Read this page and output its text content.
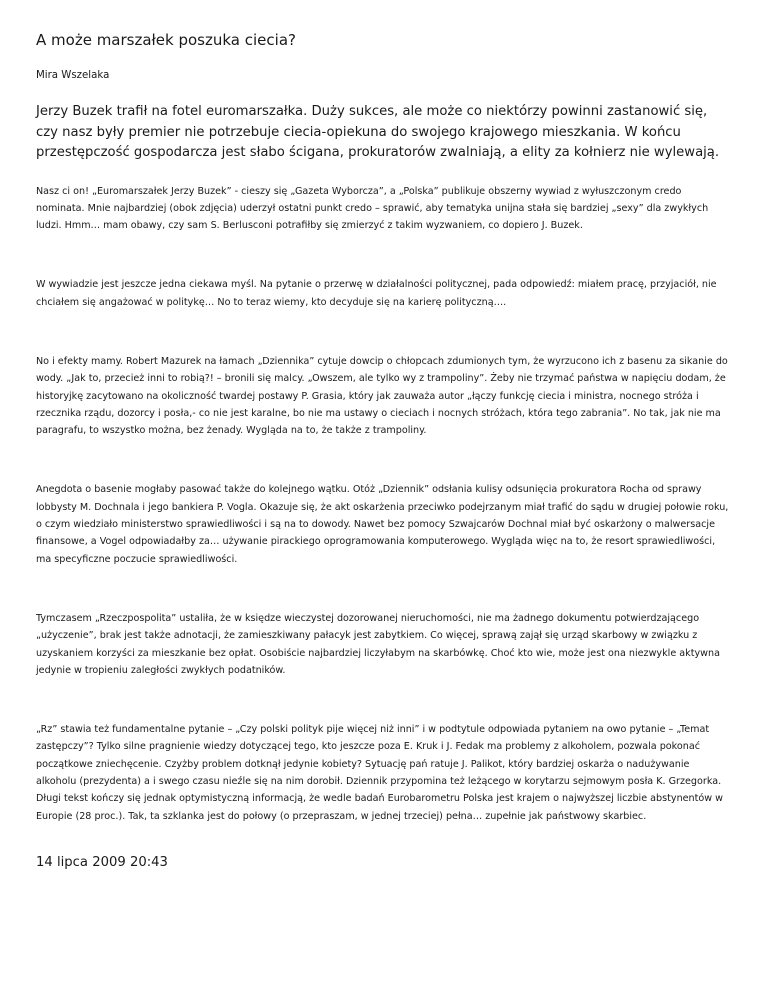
A może marszałek poszuka ciecia?
Mira Wszelaka

Jerzy Buzek trafił na fotel euromarszałka. Duży sukces, ale może co niektórzy powinni zastanowić się, czy nasz były premier nie potrzebuje ciecia-opiekuna do swojego krajowego mieszkania. W końcu przestępczość gospodarcza jest słabo ścigana, prokuratorów zwalniają, a elity za kołnierz nie wylewają.

Nasz ci on! „Euromarszałek Jerzy Buzek” - cieszy się „Gazeta Wyborcza”, a „Polska” publikuje obszerny wywiad z wyłuszczonym credo nominata. Mnie najbardziej (obok zdjęcia) uderzył ostatni punkt credo – sprawić, aby tematyka unijna stała się bardziej „sexy” dla zwykłych ludzi. Hmm… mam obawy, czy sam S. Berlusconi potrafiłby się zmierzyć z takim wyzwaniem, co dopiero J. Buzek.

W wywiadzie jest jeszcze jedna ciekawa myśl. Na pytanie o przerwę w działalności politycznej, pada odpowiedź: miałem pracę, przyjaciół, nie chciałem się angażować w politykę… No to teraz wiemy, kto decyduje się na karierę polityczną….

No i efekty mamy. Robert Mazurek na łamach „Dziennika” cytuje dowcip o chłopcach zdumionych tym, że wyrzucono ich z basenu za sikanie do wody. „Jak to, przecież inni to robią?! – bronili się malcy. „Owszem, ale tylko wy z trampoliny”. Żeby nie trzymać państwa w napięciu dodam, że historyjkę zacytowano na okoliczność twardej postawy P. Grasia, który jak zauważa autor „łączy funkcję ciecia i ministra, nocnego stróża i rzecznika rządu, dozorcy i posła,- co nie jest karalne, bo nie ma ustawy o cieciach i nocnych stróżach, która tego zabrania”. No tak, jak nie ma paragrafu, to wszystko można, bez żenady. Wygląda na to, że także z trampoliny.

Anegdota o basenie mogłaby pasować także do kolejnego wątku. Otóż „Dziennik” odsłania kulisy odsunięcia prokuratora Rocha od sprawy lobbysty M. Dochnala i jego bankiera P. Vogla. Okazuje się, że akt oskarżenia przeciwko podejrzanym miał trafić do sądu w drugiej połowie roku, o czym wiedziało ministerstwo sprawiedliwości i są na to dowody. Nawet bez pomocy Szwajcarów Dochnal miał być oskarżony o malwersacje finansowe, a Vogel odpowiadałby za… używanie pirackiego oprogramowania komputerowego. Wygląda więc na to, że resort sprawiedliwości, ma specyficzne poczucie sprawiedliwości.

Tymczasem „Rzeczpospolita” ustaliła, że w księdze wieczystej dozorowanej nieruchomości, nie ma żadnego dokumentu potwierdzającego „użyczenie”, brak jest także adnotacji, że zamieszkiwany pałacyk jest zabytkiem. Co więcej, sprawą zajął się urząd skarbowy w związku z uzyskaniem korzyści za mieszkanie bez opłat. Osobiście najbardziej liczyłabym na skarbówkę. Choć kto wie, może jest ona niezwykle aktywna jedynie w tropieniu zaległości zwykłych podatników.

„Rz” stawia też fundamentalne pytanie – „Czy polski polityk pije więcej niż inni” i w podtytule odpowiada pytaniem na owo pytanie – „Temat zastępczy”? Tylko silne pragnienie wiedzy dotyczącej tego, kto jeszcze poza E. Kruk i J. Fedak ma problemy z alkoholem, pozwala pokonać początkowe zniechęcenie. Czyżby problem dotknął jedynie kobiety? Sytuację pań ratuje J. Palikot, który bardziej oskarża o nadużywanie alkoholu (prezydenta) a i swego czasu nieźle się na nim dorobił. Dziennik przypomina też leżącego w korytarzu sejmowym posła K. Grzegorka. Długi tekst kończy się jednak optymistyczną informacją, że wedle badań Eurobarometru Polska jest krajem o najwyższej liczbie abstynentów w Europie (28 proc.). Tak, ta szklanka jest do połowy (o przepraszam, w jednej trzeciej) pełna… zupełnie jak państwowy skarbiec.

14 lipca 2009 20:43
